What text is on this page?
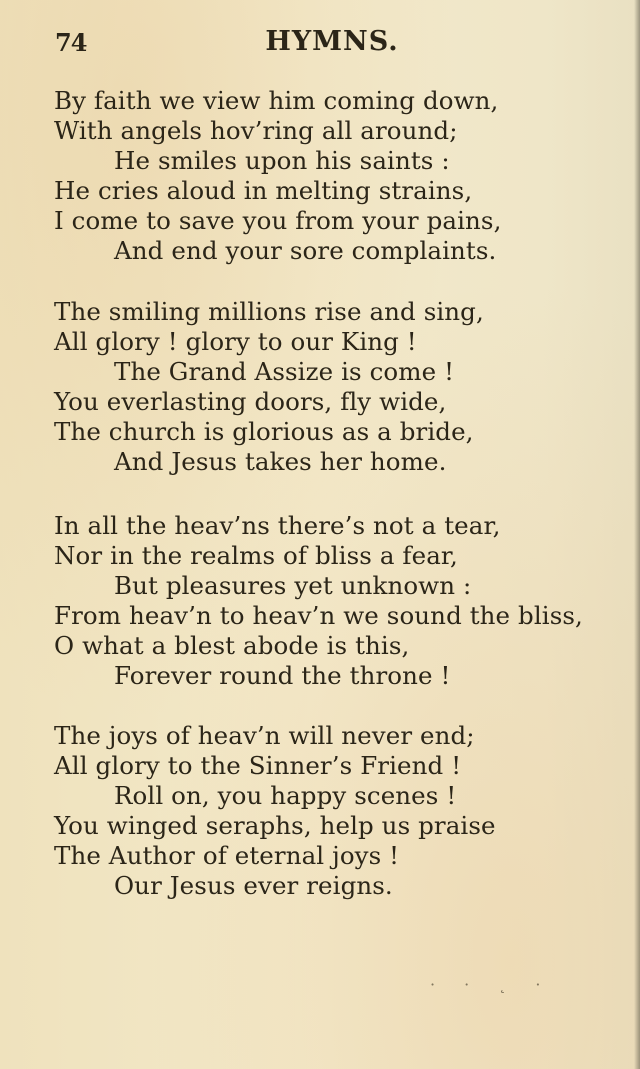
74	HYMNS.
By faith we view him coming down,
With angels hov’ring all around;
He smiles upon his saints :
He cries aloud in melting strains,
I come to save you from your pains,
And end your sore complaints.
The smiling millions rise and sing,
All glory ! glory to our King !
The Grand Assize is come !
You everlasting doors, fly wide,
The church is glorious as a bride,
And Jesus takes her home.
In all the heav’ns there’s not a tear,
Nor in the realms of bliss a fear,
But pleasures yet unknown :
From heav’n to heav’n we sound the bliss,
O what a blest abode is this,
Forever round the throne !
The joys of heav’n will never end;
All glory to the Sinner’s Friend !
Roll on, you happy scenes !
You winged seraphs, help us praise
The Author of eternal joys !
Our Jesus ever reigns.
· · ˛ ·
